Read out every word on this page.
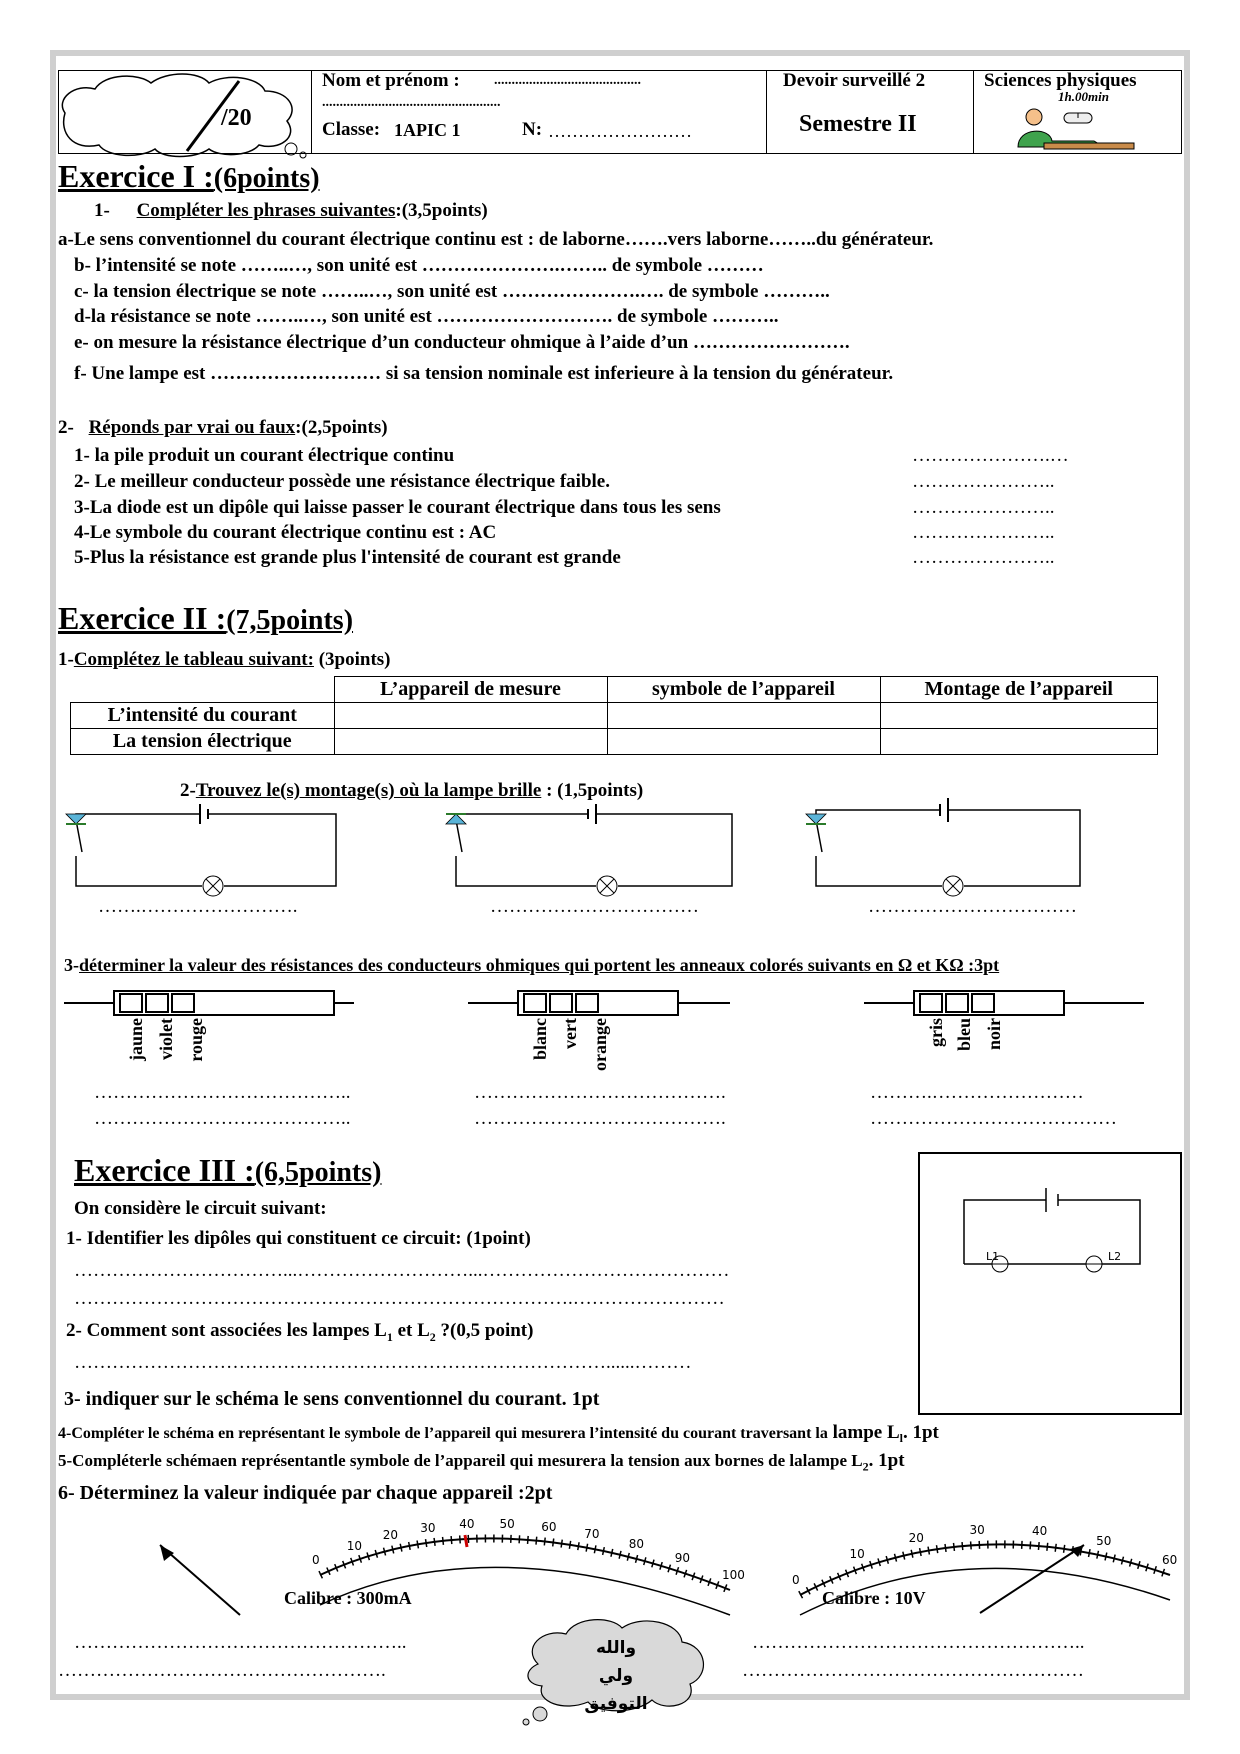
/20

Nom et prénom : ..........................................
...................................................
Classe: 1APIC 1	N: ……………………

Devoir surveillé 2
Semestre II

Sciences physiques
1h.00min
Exercice I :(6points)
1- Compléter les phrases suivantes:(3,5points)
a-Le sens conventionnel du courant électrique continu est : de laborne…….vers laborne……..du générateur.
b- l’intensité se note ……..…, son unité est ………………….…….. de symbole ………
c- la tension électrique se note ……..…, son unité est ………………….…. de symbole ………..
d-la résistance se note ……..…, son unité est ………………………. de symbole ………..
e- on mesure la résistance électrique d’un conducteur ohmique à l’aide d’un …………………….
f- Une lampe est ……………………… si sa tension nominale est inferieure à la tension du générateur.
2- Réponds par vrai ou faux:(2,5points)
1- la pile produit un courant électrique continu	………………….…
2- Le meilleur conducteur possède une résistance électrique faible.	…………………..
3-La diode est un dipôle qui laisse passer le courant électrique dans tous les sens	…………………..
4-Le symbole du courant électrique continu est : AC	…………………..
5-Plus la résistance est grande plus l'intensité de courant est grande	…………………..
Exercice II :(7,5points)
1-Complétez le tableau suivant: (3points)
	L’appareil de mesure	symbole de l’appareil	Montage de l’appareil
L’intensité du courant			
La tension électrique			
2-Trouvez le(s) montage(s) où la lampe brille : (1,5points)
…….…………………….	……………………………	……………………………
3-déterminer la valeur des résistances des conducteurs ohmiques qui portent les anneaux colorés suivants en Ω et KΩ :3pt
jaune violet rouge	blanc vert orange	gris bleu noir
…………………………………..
…………………………………..
………………………………….
………………………………….
……….……………………
…………………………………
Exercice III :(6,5points)
On considère le circuit suivant:
1- Identifier les dipôles qui constituent ce circuit: (1point)
……………………………...………………………...…………………………………
…………………………………………………………………….……………………
2- Comment sont associées les lampes $L_1$ et $L_2$ ?(0,5 point)
…………………………………………………………………………......………
3- indiquer sur le schéma le sens conventionnel du courant. 1pt
4-Compléter le schéma en représentant le symbole de l’appareil qui mesurera l’intensité du courant traversant la lampe $L_l$. 1pt
5-Compléterle schémaen représentantle symbole de l’appareil qui mesurera la tension aux bornes de lalampe $L_2$. 1pt
6- Déterminez la valeur indiquée par chaque appareil :2pt
L1	L2
Calibre : 300mA	Calibre : 10V
0
10
20
30 40 50 60 70
80
90
100	0
10
20
30	40
50
60
……………………………………………..
…………………………………………….
……………………………………………..
………………………………………………
والله ولي التوفيق
